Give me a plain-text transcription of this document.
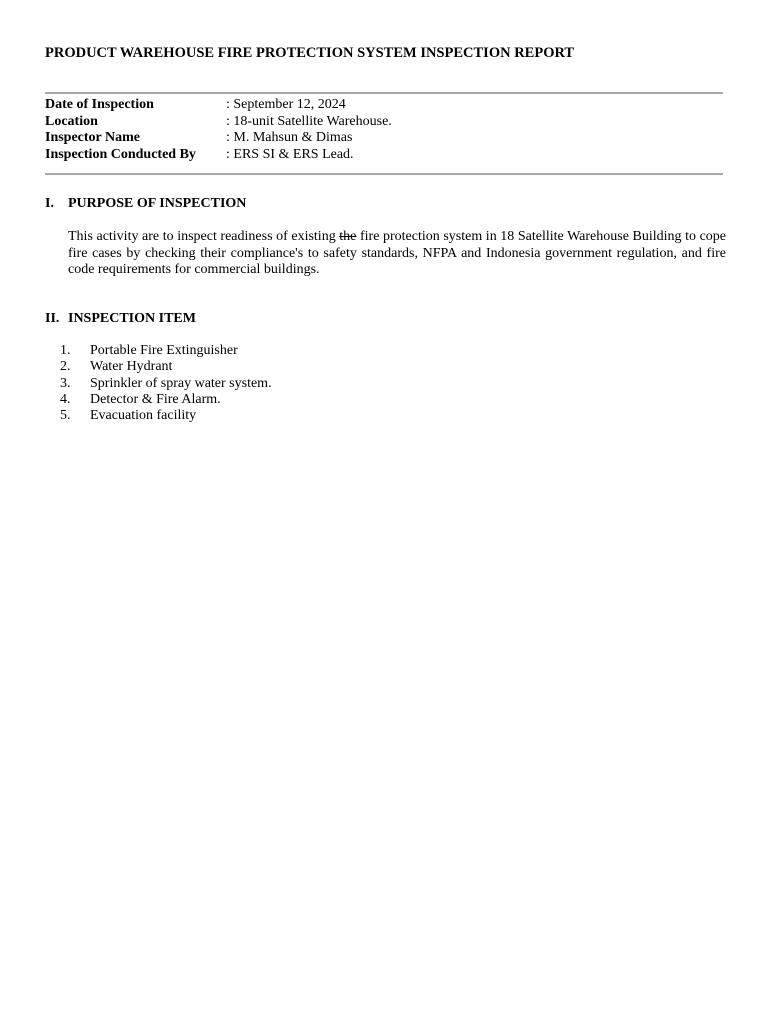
PRODUCT WAREHOUSE FIRE PROTECTION SYSTEM INSPECTION REPORT
Date of Inspection	: September 12, 2024
Location	: 18-unit Satellite Warehouse.
Inspector Name	: M. Mahsun & Dimas
Inspection Conducted By : ERS SI & ERS Lead.
I. PURPOSE OF INSPECTION
This activity are to inspect readiness of existing the fire protection system in 18 Satellite Warehouse Building to cope fire cases by checking their compliance's to safety standards, NFPA and Indonesia government regulation, and fire code requirements for commercial buildings.
II. INSPECTION ITEM
1.	Portable Fire Extinguisher
2.	Water Hydrant
3.	Sprinkler of spray water system.
4.	Detector & Fire Alarm.
5.	Evacuation facility
